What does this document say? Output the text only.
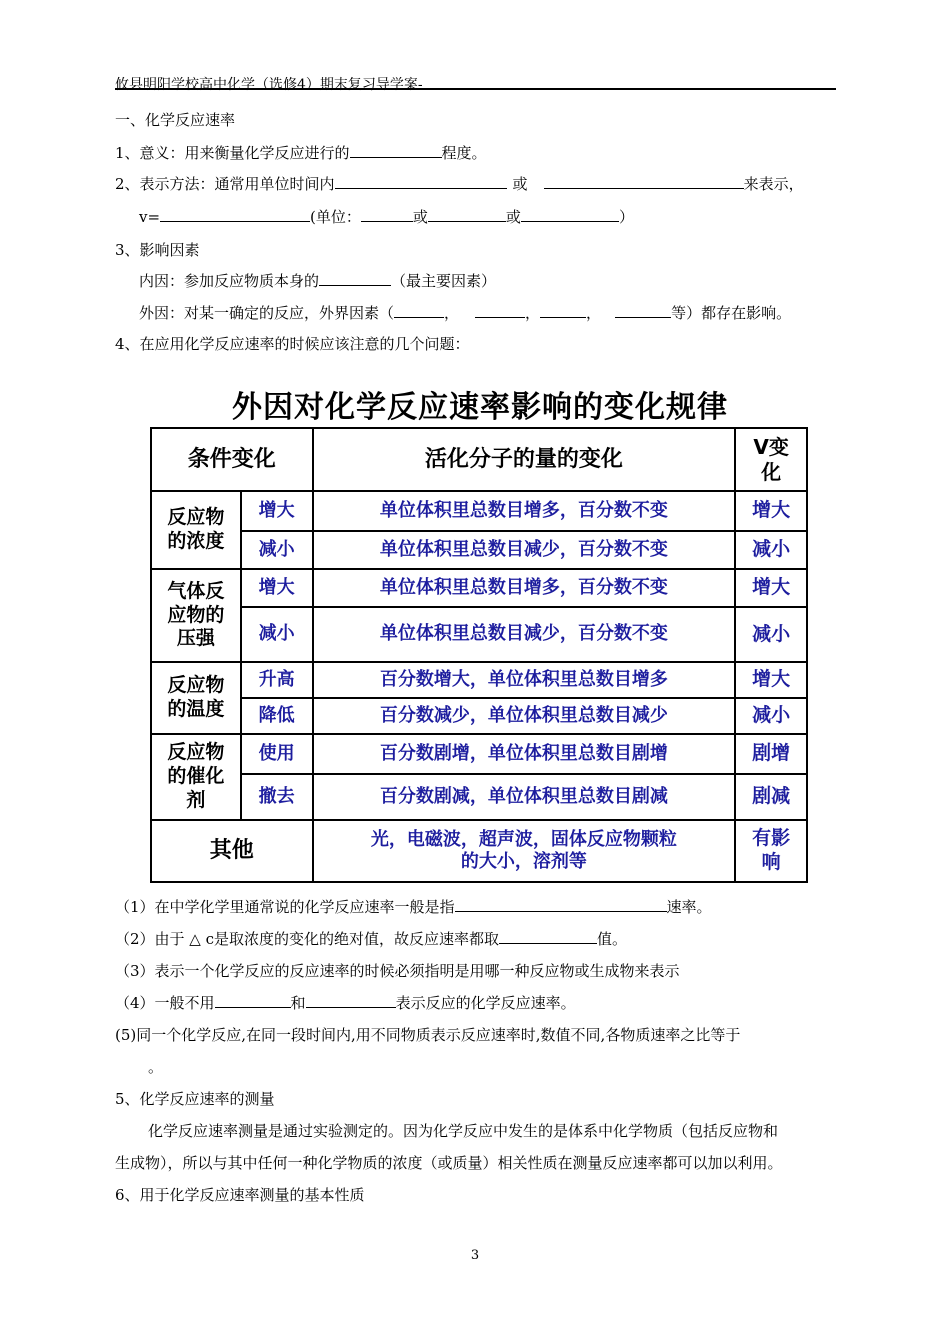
攸县明阳学校高中化学（选修4）期末复习导学案-
一、化学反应速率
1、意义：用来衡量化学反应进行的	程度。
2、表示方法：通常用单位时间内	或	来表示，
v=	(单位：	或	或	）
3、影响因素
内因：参加反应物质本身的	（最主要因素）
外因：对某一确定的反应，外界因素（	，	，	，	等）都存在影响。
4、在应用化学反应速率的时候应该注意的几个问题：
外因对化学反应速率影响的变化规律
条件变化		活化分子的量的变化	V变
化
反应物
的浓度	增大	单位体积里总数目增多，百分数不变	增大
	减小	单位体积里总数目减少，百分数不变	减小
气体反
应物的
压强	增大	单位体积里总数目增多，百分数不变	增大
	减小	单位体积里总数目减少，百分数不变	减小
反应物
的温度	升高	百分数增大，单位体积里总数目增多	增大
	降低	百分数减少，单位体积里总数目减少	减小
反应物
的催化
剂	使用	百分数剧增，单位体积里总数目剧增	剧增
	撤去	百分数剧减，单位体积里总数目剧减	剧减
其他		光，电磁波，超声波，固体反应物颗粒
的大小，溶剂等	有影
响
（1）在中学化学里通常说的化学反应速率一般是指	速率。
（2）由于 △ c是取浓度的变化的绝对值，故反应速率都取	值。
（3）表示一个化学反应的反应速率的时候必须指明是用哪一种反应物或生成物来表示
（4）一般不用	和	表示反应的化学反应速率。
(5)同一个化学反应,在同一段时间内,用不同物质表示反应速率时,数值不同,各物质速率之比等于
。
5、化学反应速率的测量
化学反应速率测量是通过实验测定的。因为化学反应中发生的是体系中化学物质（包括反应物和
生成物），所以与其中任何一种化学物质的浓度（或质量）相关性质在测量反应速率都可以加以利用。
6、用于化学反应速率测量的基本性质
3
